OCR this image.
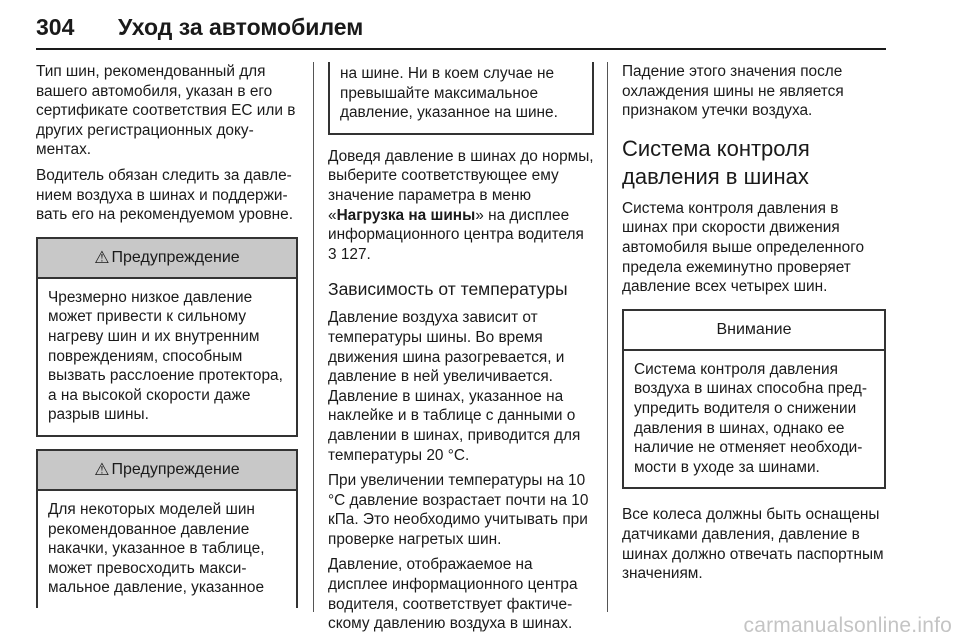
304 Уход за автомобилем

Тип шин, рекомендованный для вашего автомобиля, указан в его сертификате соответствия ЕС или в других регистрационных документах.

Водитель обязан следить за давлением воздуха в шинах и поддерживать его на рекомендуемом уровне.

⚠ Предупреждение
Чрезмерно низкое давление может привести к сильному нагреву шин и их внутренним повреждениям, способным вызвать расслоение протектора, а на высокой скорости даже разрыв шины.
⚠ Предупреждение
Для некоторых моделей шин рекомендованное давление накачки, указанное в таблице, может превосходить максимальное давление, указанное
на шине. Ни в коем случае не превышайте максимальное давление, указанное на шине.

Доведя давление в шинах до нормы, выберите соответствующее ему значение параметра в меню «Нагрузка на шины» на дисплее информационного центра водителя 3 127.

Зависимость от температуры

Давление воздуха зависит от температуры шины. Во время движения шина разогревается, и давление в ней увеличивается. Давление в шинах, указанное на наклейке и в таблице с данными о давлении в шинах, приводится для температуры 20 °C.

При увеличении температуры на 10 °C давление возрастает почти на 10 кПа. Это необходимо учитывать при проверке нагретых шин.

Давление, отображаемое на дисплее информационного центра водителя, соответствует фактическому давлению воздуха в шинах.

Падение этого значения после охлаждения шины не является признаком утечки воздуха.

Система контроля давления в шинах

Система контроля давления в шинах при скорости движения автомобиля выше определенного предела ежеминутно проверяет давление всех четырех шин.

Внимание
Система контроля давления воздуха в шинах способна предупредить водителя о снижении давления в шинах, однако ее наличие не отменяет необходимости в уходе за шинами.

Все колеса должны быть оснащены датчиками давления, давление в шинах должно отвечать паспортным значениям.

carmanualsonline.info
